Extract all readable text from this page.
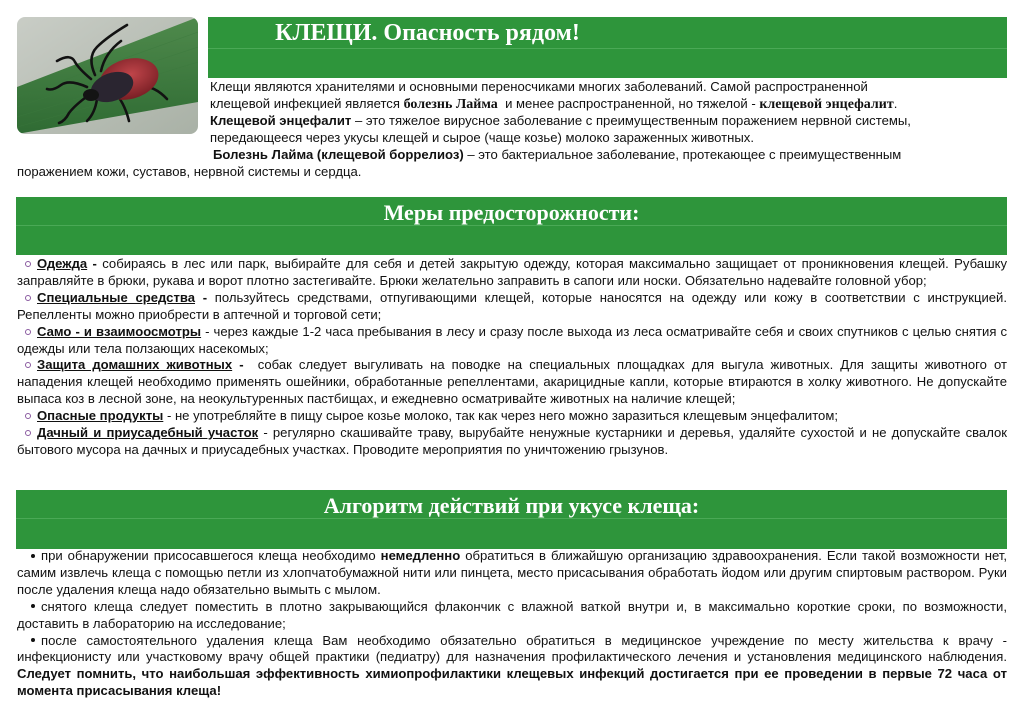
КЛЕЩИ. Опасность рядом!
Клещи являются хранителями и основными переносчиками многих заболеваний. Самой распространенной
клещевой инфекцией является болезнь Лайма  и менее распространенной, но тяжелой - клещевой энцефалит.
Клещевой энцефалит – это тяжелое вирусное заболевание с преимущественным поражением нервной системы,
передающееся через укусы клещей и сырое (чаще козье) молоко зараженных животных.
Болезнь Лайма (клещевой боррелиоз) – это бактериальное заболевание, протекающее с преимущественным
поражением кожи, суставов, нервной системы и сердца.
Меры предосторожности:
Одежда - собираясь в лес или парк, выбирайте для себя и детей закрытую одежду, которая максимально защищает от проникновения клещей. Рубашку заправляйте в брюки, рукава и ворот плотно застегивайте. Брюки желательно заправить в сапоги или носки. Обязательно надевайте головной убор;
Специальные средства - пользуйтесь средствами, отпугивающими клещей, которые наносятся на одежду или кожу в соответствии с инструкцией. Репелленты можно приобрести в аптечной и торговой сети;
Само - и взаимоосмотры - через каждые 1-2 часа пребывания в лесу и сразу после выхода из леса осматривайте себя и своих спутников с целью снятия с одежды или тела ползающих насекомых;
Защита домашних животных -  собак следует выгуливать на поводке на специальных площадках для выгула животных. Для защиты животного от нападения клещей необходимо применять ошейники, обработанные репеллентами, акарицидные капли, которые втираются в холку животного. Не допускайте выпаса коз в лесной зоне, на неокультуренных пастбищах, и ежедневно осматривайте животных на наличие клещей;
Опасные продукты - не употребляйте в пищу сырое козье молоко, так как через него можно заразиться клещевым энцефалитом;
Дачный и приусадебный участок - регулярно скашивайте траву, вырубайте ненужные кустарники и деревья, удаляйте сухостой и не допускайте свалок бытового мусора на дачных и приусадебных участках. Проводите мероприятия по уничтожению грызунов.
Алгоритм действий при укусе клеща:
при обнаружении присосавшегося клеща необходимо немедленно обратиться в ближайшую организацию здравоохранения. Если такой возможности нет, самим извлечь клеща с помощью петли из хлопчатобумажной нити или пинцета, место присасывания обработать йодом или другим спиртовым раствором. Руки после удаления клеща надо обязательно вымыть с мылом.
снятого клеща следует поместить в плотно закрывающийся флакончик с влажной ваткой внутри и, в максимально короткие сроки, по возможности, доставить в лабораторию на исследование;
после самостоятельного удаления клеща Вам необходимо обязательно обратиться в медицинское учреждение по месту жительства к врачу - инфекционисту или участковому врачу общей практики (педиатру) для назначения профилактического лечения и установления медицинского наблюдения. Следует помнить, что наибольшая эффективность химиопрофилактики клещевых инфекций достигается при ее проведении в первые 72 часа от момента присасывания клеща!
